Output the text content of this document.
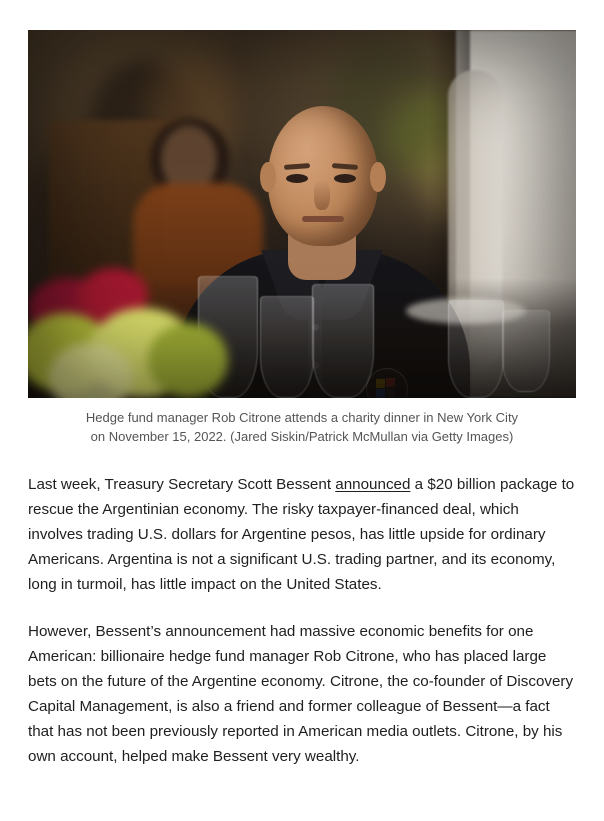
Hedge fund manager Rob Citrone attends a charity dinner in New York City on November 15, 2022. (Jared Siskin/Patrick McMullan via Getty Images)

Last week, Treasury Secretary Scott Bessent announced a $20 billion package to rescue the Argentinian economy. The risky taxpayer-financed deal, which involves trading U.S. dollars for Argentine pesos, has little upside for ordinary Americans. Argentina is not a significant U.S. trading partner, and its economy, long in turmoil, has little impact on the United States.

However, Bessent’s announcement had massive economic benefits for one American: billionaire hedge fund manager Rob Citrone, who has placed large bets on the future of the Argentine economy. Citrone, the co-founder of Discovery Capital Management, is also a friend and former colleague of Bessent—a fact that has not been previously reported in American media outlets. Citrone, by his own account, helped make Bessent very wealthy.
